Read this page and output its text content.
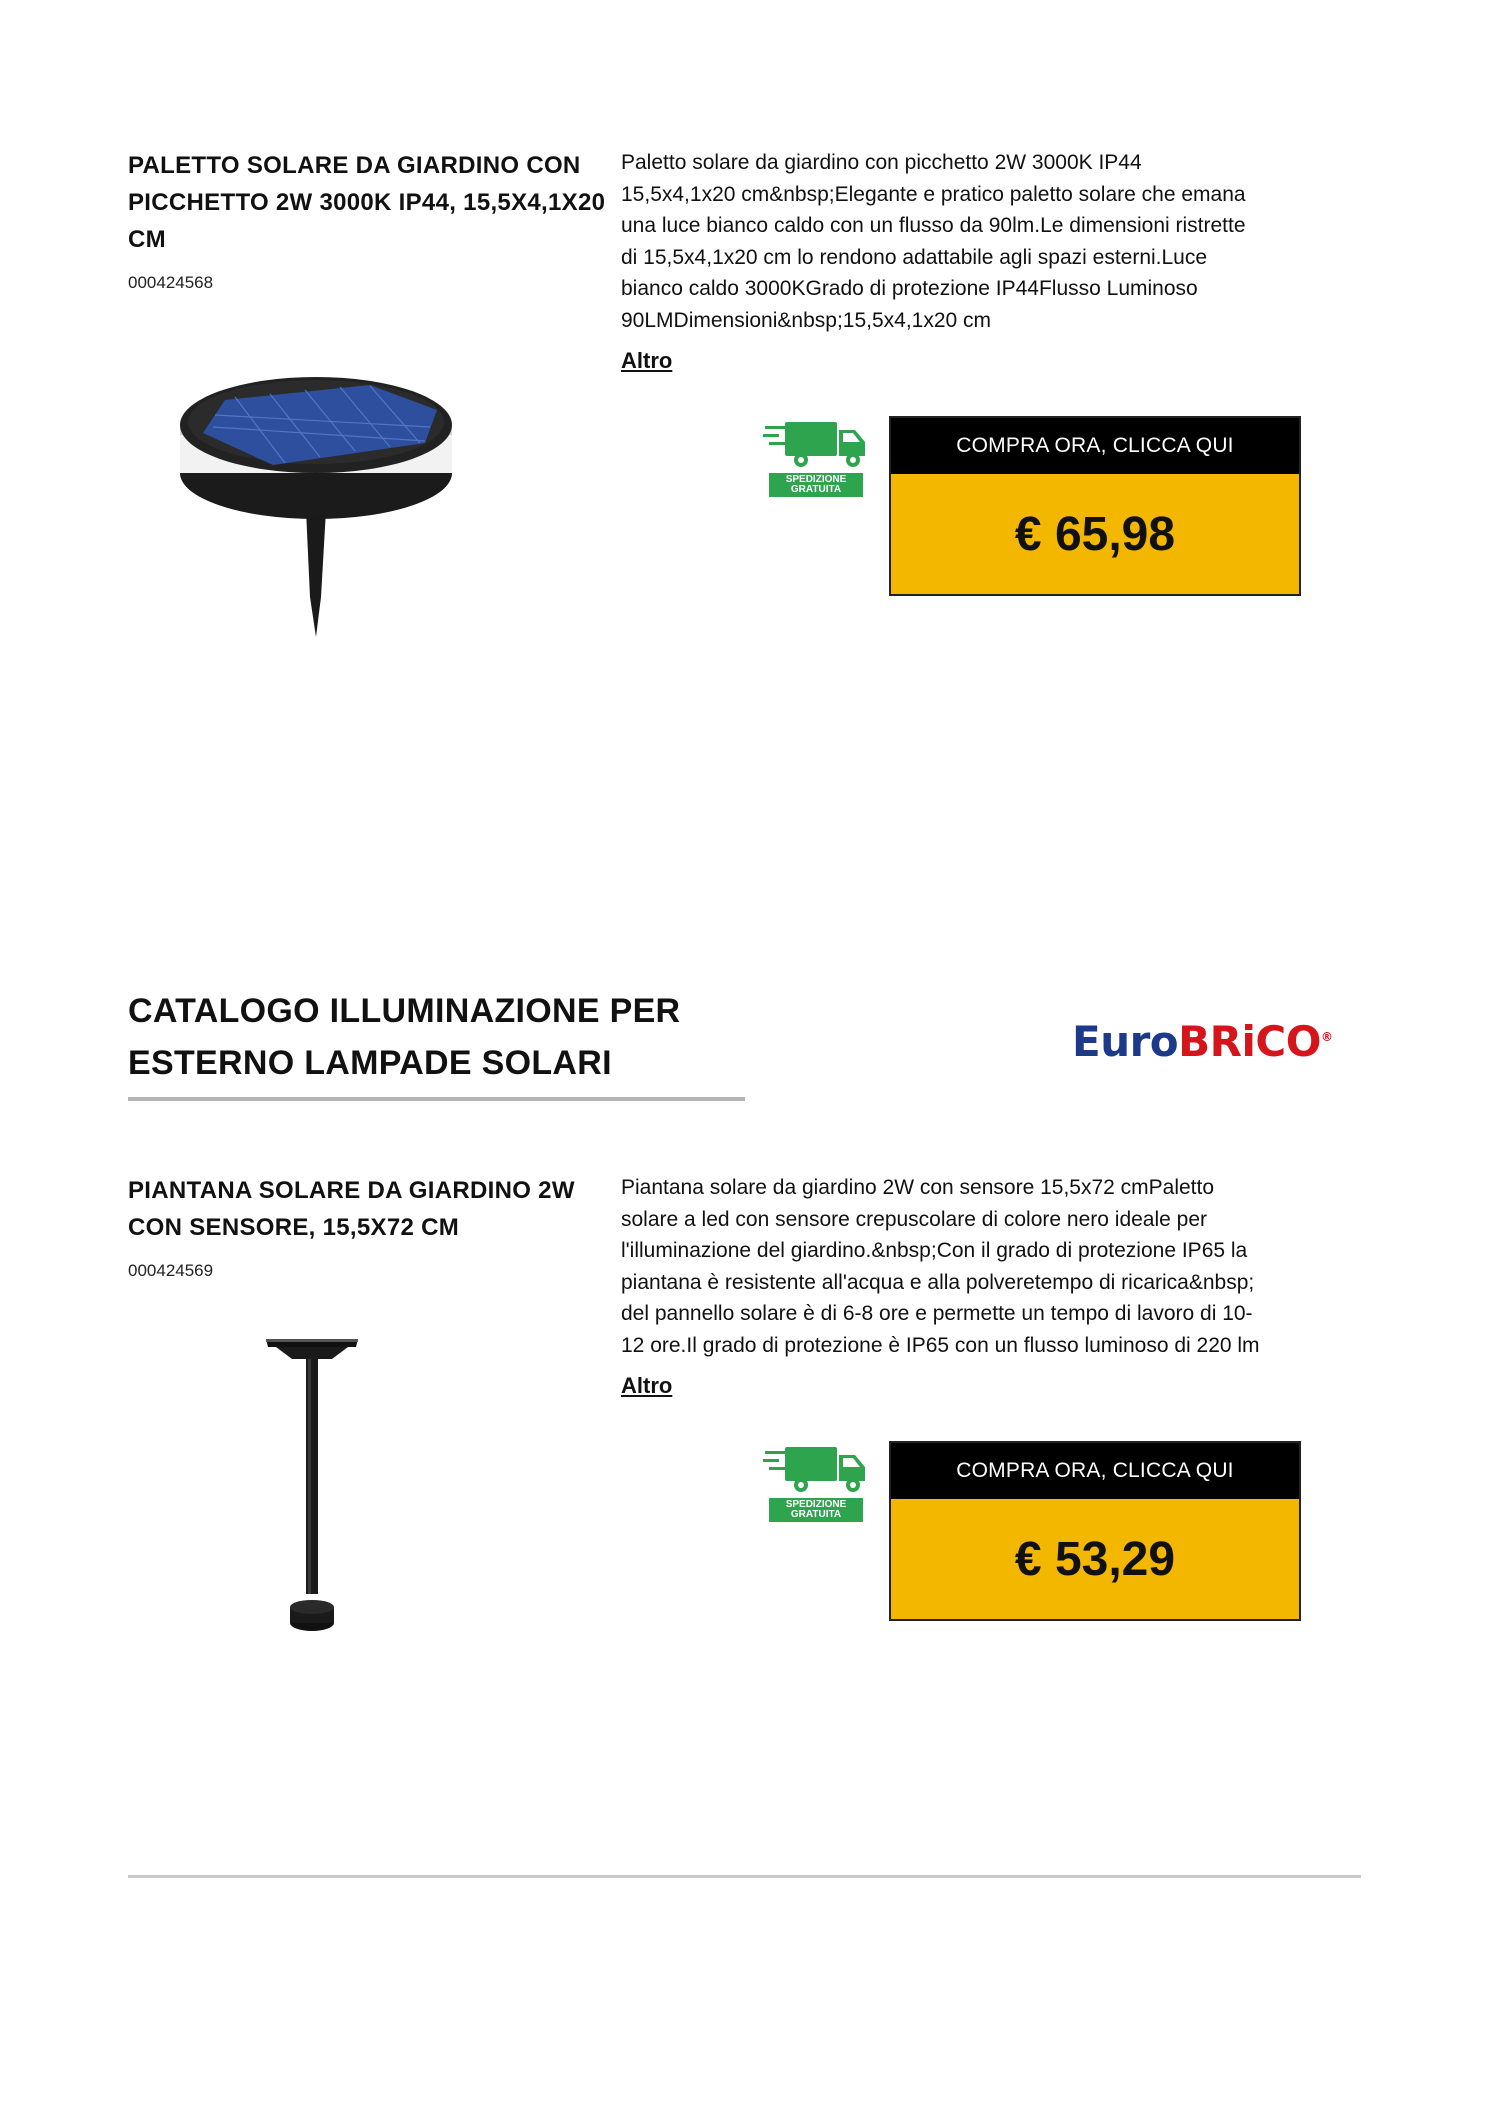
PALETTO SOLARE DA GIARDINO CON
PICCHETTO 2W 3000K IP44, 15,5X4,1X20
CM
000424568
Paletto solare da giardino con picchetto 2W 3000K IP44
15,5x4,1x20 cm&nbsp;Elegante e pratico paletto solare che emana
una luce bianco caldo con un flusso da 90lm.Le dimensioni ristrette
di 15,5x4,1x20 cm lo rendono adattabile agli spazi esterni.Luce
bianco caldo 3000KGrado di protezione IP44Flusso Luminoso
90LMDimensioni&nbsp;15,5x4,1x20 cm
Altro
SPEDIZIONE
GRATUITA
COMPRA ORA, CLICCA QUI
€ 65,98
CATALOGO ILLUMINAZIONE PER
ESTERNO LAMPADE SOLARI	EuroBRiCO®
PIANTANA SOLARE DA GIARDINO 2W
CON SENSORE, 15,5X72 CM
000424569
Piantana solare da giardino 2W con sensore 15,5x72 cmPaletto
solare a led con sensore crepuscolare di colore nero ideale per
l'illuminazione del giardino.&nbsp;Con il grado di protezione IP65 la
piantana è resistente all'acqua e alla polveretempo di ricarica&nbsp;
del pannello solare è di 6-8 ore e permette un tempo di lavoro di 10-
12 ore.Il grado di protezione è IP65 con un flusso luminoso di 220 lm
Altro
SPEDIZIONE
GRATUITA
COMPRA ORA, CLICCA QUI
€ 53,29
